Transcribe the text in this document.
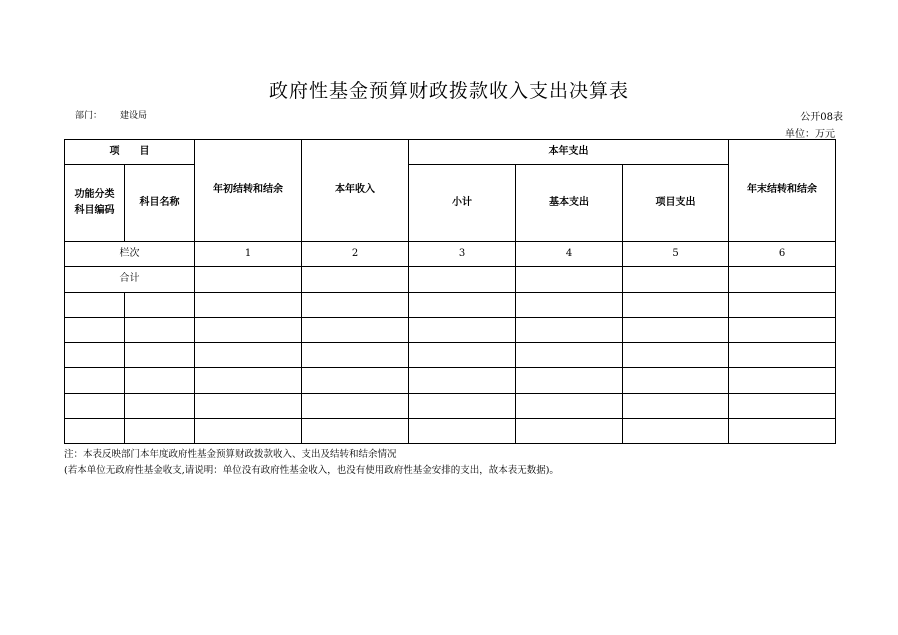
政府性基金预算财政拨款收入支出决算表
部门： 建设局	公开08表
单位：万元
项　　目		年初结转和结余	本年收入	本年支出			年末结转和结余
功能分类科目编码	科目名称			小计	基本支出	项目支出	

栏次		1	2	3	4	5	6
合计							

注：本表反映部门本年度政府性基金预算财政拨款收入、支出及结转和结余情况
(若本单位无政府性基金收支,请说明：单位没有政府性基金收入，也没有使用政府性基金安排的支出，故本表无数据)。
